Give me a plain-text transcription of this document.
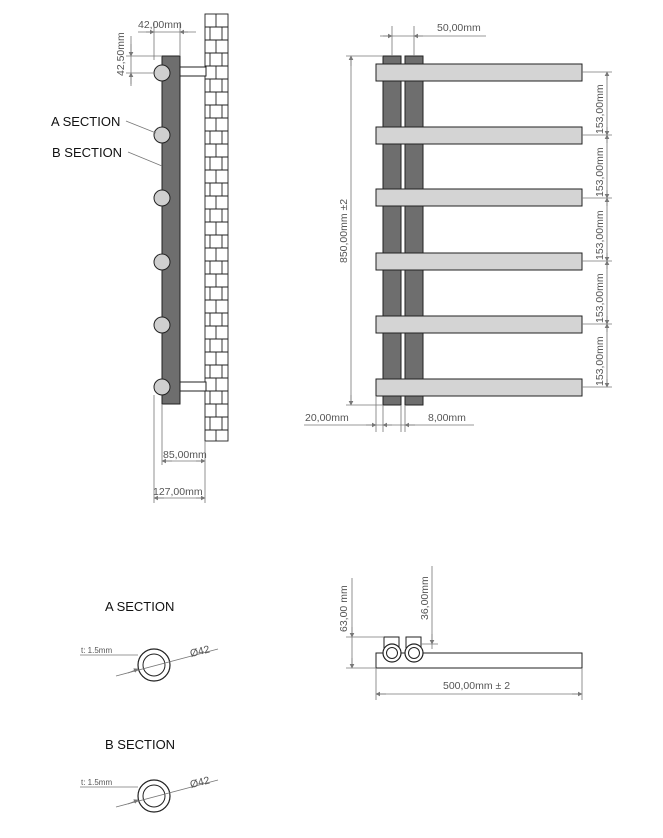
42,00mm
42,50mm
A SECTION
B SECTION
85,00mm
127,00mm
50,00mm
850,00mm ±2
153,00mm
153,00mm
153,00mm
153,00mm
153,00mm
20,00mm	8,00mm
A SECTION
t: 1.5mm	Ø42
B SECTION
t: 1.5mm	Ø42
63,00 mm	36,00mm
500,00mm ± 2
